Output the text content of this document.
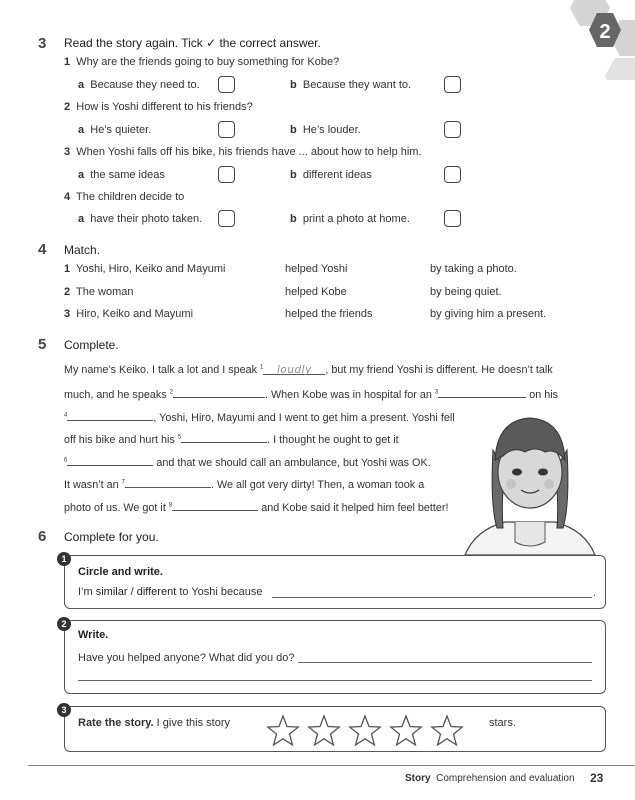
2
3 Read the story again. Tick ✓ the correct answer.
1 Why are the friends going to buy something for Kobe?
a Because they need to.	b Because they want to.
2 How is Yoshi different to his friends?
a He’s quieter.	b He’s louder.
3 When Yoshi falls off his bike, his friends have ... about how to help him.
a the same ideas	b different ideas
4 The children decide to
a have their photo taken.	b print a photo at home.
4 Match.
1 Yoshi, Hiro, Keiko and Mayumi	helped Yoshi	by taking a photo.
2 The woman	helped Kobe	by being quiet.
3 Hiro, Keiko and Mayumi	helped the friends	by giving him a present.
5 Complete.
My name’s Keiko. I talk a lot and I speak $^1$ loudly , but my friend Yoshi is different. He doesn’t talk
much, and he speaks $^2$	. When Kobe was in hospital for an $^3$	on his
$^4$	, Yoshi, Hiro, Mayumi and I went to get him a present. Yoshi fell
off his bike and hurt his $^5$	. I thought he ought to get it
$^6$	and that we should call an ambulance, but Yoshi was OK.
It wasn’t an $^7$	. We all got very dirty! Then, a woman took a
photo of us. We got it $^8$	and Kobe said it helped him feel better!
6 Complete for you.
1
Circle and write.
I’m similar / different to Yoshi because	.
2
Write.
Have you helped anyone? What did you do?
3
Rate the story. I give this story	stars.
Story Comprehension and evaluation 23
